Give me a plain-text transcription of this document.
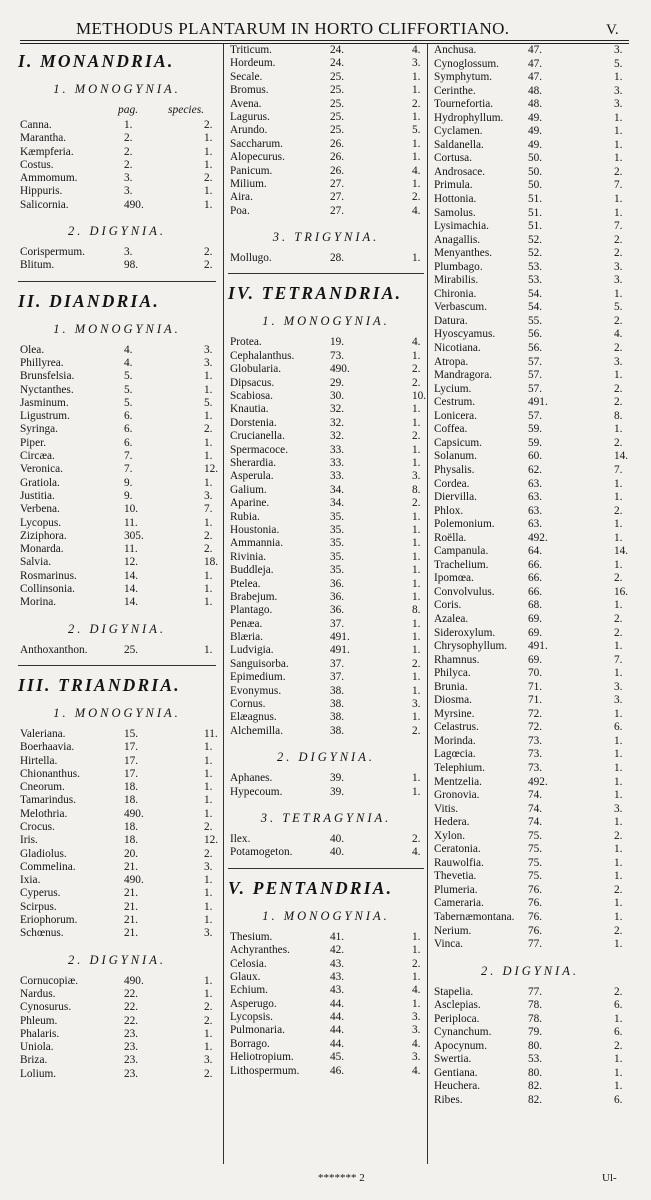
METHODUS PLANTARUM IN HORTO CLIFFORTIANO.	V.
I. MONANDRIA.
1. MONOGYNIA.
pag.	species.
Canna.	1.	2.
Marantha.	2.	1.
Kæmpferia.	2.	1.
Costus.	2.	1.
Ammomum.	3.	2.
Hippuris.	3.	1.
Salicornia.	490.	1.
2. DIGYNIA.
Corispermum.	3.	2.
Blitum.	98.	2.
II. DIANDRIA.
1. MONOGYNIA.
Olea.	4.	3.
Phillyrea.	4.	3.
Brunsfelsia.	5.	1.
Nyctanthes.	5.	1.
Jasminum.	5.	5.
Ligustrum.	6.	1.
Syringa.	6.	2.
Piper.	6.	1.
Circæa.	7.	1.
Veronica.	7.	12.
Gratiola.	9.	1.
Justitia.	9.	3.
Verbena.	10.	7.
Lycopus.	11.	1.
Ziziphora.	305.	2.
Monarda.	11.	2.
Salvia.	12.	18.
Rosmarinus.	14.	1.
Collinsonia.	14.	1.
Morina.	14.	1.
2. DIGYNIA.
Anthoxanthon.	25.	1.
III. TRIANDRIA.
1. MONOGYNIA.
Valeriana.	15.	11.
Boerhaavia.	17.	1.
Hirtella.	17.	1.
Chionanthus.	17.	1.
Cneorum.	18.	1.
Tamarindus.	18.	1.
Melothria.	490.	1.
Crocus.	18.	2.
Iris.	18.	12.
Gladiolus.	20.	2.
Commelina.	21.	3.
Ixia.	490.	1.
Cyperus.	21.	1.
Scirpus.	21.	1.
Eriophorum.	21.	1.
Schœnus.	21.	3.
2. DIGYNIA.
Cornucopiæ.	490.	1.
Nardus.	22.	1.
Cynosurus.	22.	2.
Phleum.	22.	2.
Phalaris.	23.	1.
Uniola.	23.	1.
Briza.	23.	3.
Lolium.	23.	2.
Triticum.	24.	4.
Hordeum.	24.	3.
Secale.	25.	1.
Bromus.	25.	1.
Avena.	25.	2.
Lagurus.	25.	1.
Arundo.	25.	5.
Saccharum.	26.	1.
Alopecurus.	26.	1.
Panicum.	26.	4.
Milium.	27.	1.
Aira.	27.	2.
Poa.	27.	4.
3. TRIGYNIA.
Mollugo.	28.	1.
IV. TETRANDRIA.
1. MONOGYNIA.
Protea.	19.	4.
Cephalanthus.	73.	1.
Globularia.	490.	2.
Dipsacus.	29.	2.
Scabiosa.	30.	10.
Knautia.	32.	1.
Dorstenia.	32.	1.
Crucianella.	32.	2.
Spermacoce.	33.	1.
Sherardia.	33.	1.
Asperula.	33.	3.
Galium.	34.	8.
Aparine.	34.	2.
Rubia.	35.	1.
Houstonia.	35.	1.
Ammannia.	35.	1.
Rivinia.	35.	1.
Buddleja.	35.	1.
Ptelea.	36.	1.
Brabejum.	36.	1.
Plantago.	36.	8.
Penæa.	37.	1.
Blæria.	491.	1.
Ludvigia.	491.	1.
Sanguisorba.	37.	2.
Epimedium.	37.	1.
Evonymus.	38.	1.
Cornus.	38.	3.
Elæagnus.	38.	1.
Alchemilla.	38.	2.
2. DIGYNIA.
Aphanes.	39.	1.
Hypecoum.	39.	1.
3. TETRAGYNIA.
Ilex.	40.	2.
Potamogeton.	40.	4.
V. PENTANDRIA.
1. MONOGYNIA.
Thesium.	41.	1.
Achyranthes.	42.	1.
Celosia.	43.	2.
Glaux.	43.	1.
Echium.	43.	4.
Asperugo.	44.	1.
Lycopsis.	44.	3.
Pulmonaria.	44.	3.
Borrago.	44.	4.
Heliotropium.	45.	3.
Lithospermum.	46.	4.
Anchusa.	47.	3.
Cynoglossum.	47.	5.
Symphytum.	47.	1.
Cerinthe.	48.	3.
Tournefortia.	48.	3.
Hydrophyllum. 49.	1.
Cyclamen.	49.	1.
Saldanella.	49.	1.
Cortusa.	50.	1.
Androsace.	50.	2.
Primula.	50.	7.
Hottonia.	51.	1.
Samolus.	51.	1.
Lysimachia.	51.	7.
Anagallis.	52.	2.
Menyanthes.	52.	2.
Plumbago.	53.	3.
Mirabilis.	53.	3.
Chironia.	54.	1.
Verbascum.	54.	5.
Datura.	55.	2.
Hyoscyamus.	56.	4.
Nicotiana.	56.	2.
Atropa.	57.	3.
Mandragora.	57.	1.
Lycium.	57.	2.
Cestrum.	491.	2.
Lonicera.	57.	8.
Coffea.	59.	1.
Capsicum.	59.	2.
Solanum.	60.	14.
Physalis.	62.	7.
Cordea.	63.	1.
Diervilla.	63.	1.
Phlox.	63.	2.
Polemonium.	63.	1.
Roëlla.	492.	1.
Campanula.	64.	14.
Trachelium.	66.	1.
Ipomœa.	66.	2.
Convolvulus.	66.	16.
Coris.	68.	1.
Azalea.	69.	2.
Sideroxylum.	69.	2.
Chrysophyllum. 491.	1.
Rhamnus.	69.	7.
Philyca.	70.	1.
Brunia.	71.	3.
Diosma.	71.	3.
Myrsine.	72.	1.
Celastrus.	72.	6.
Morinda.	73.	1.
Lagœcia.	73.	1.
Telephium.	73.	1.
Mentzelia.	492.	1.
Gronovia.	74.	1.
Vitis.	74.	3.
Hedera.	74.	1.
Xylon.	75.	2.
Ceratonia.	75.	1.
Rauwolfia.	75.	1.
Thevetia.	75.	1.
Plumeria.	76.	2.
Cameraria.	76.	1.
Tabernæmontana. 76.	1.
Nerium.	76.	2.
Vinca.	77.	1.
2. DIGYNIA.
Stapelia.	77.	2.
Asclepias.	78.	6.
Periploca.	78.	1.
Cynanchum.	79.	6.
Apocynum.	80.	2.
Swertia.	53.	1.
Gentiana.	80.	1.
Heuchera.	82.	1.
Ribes.	82.	6.
******* 2	Ul-
